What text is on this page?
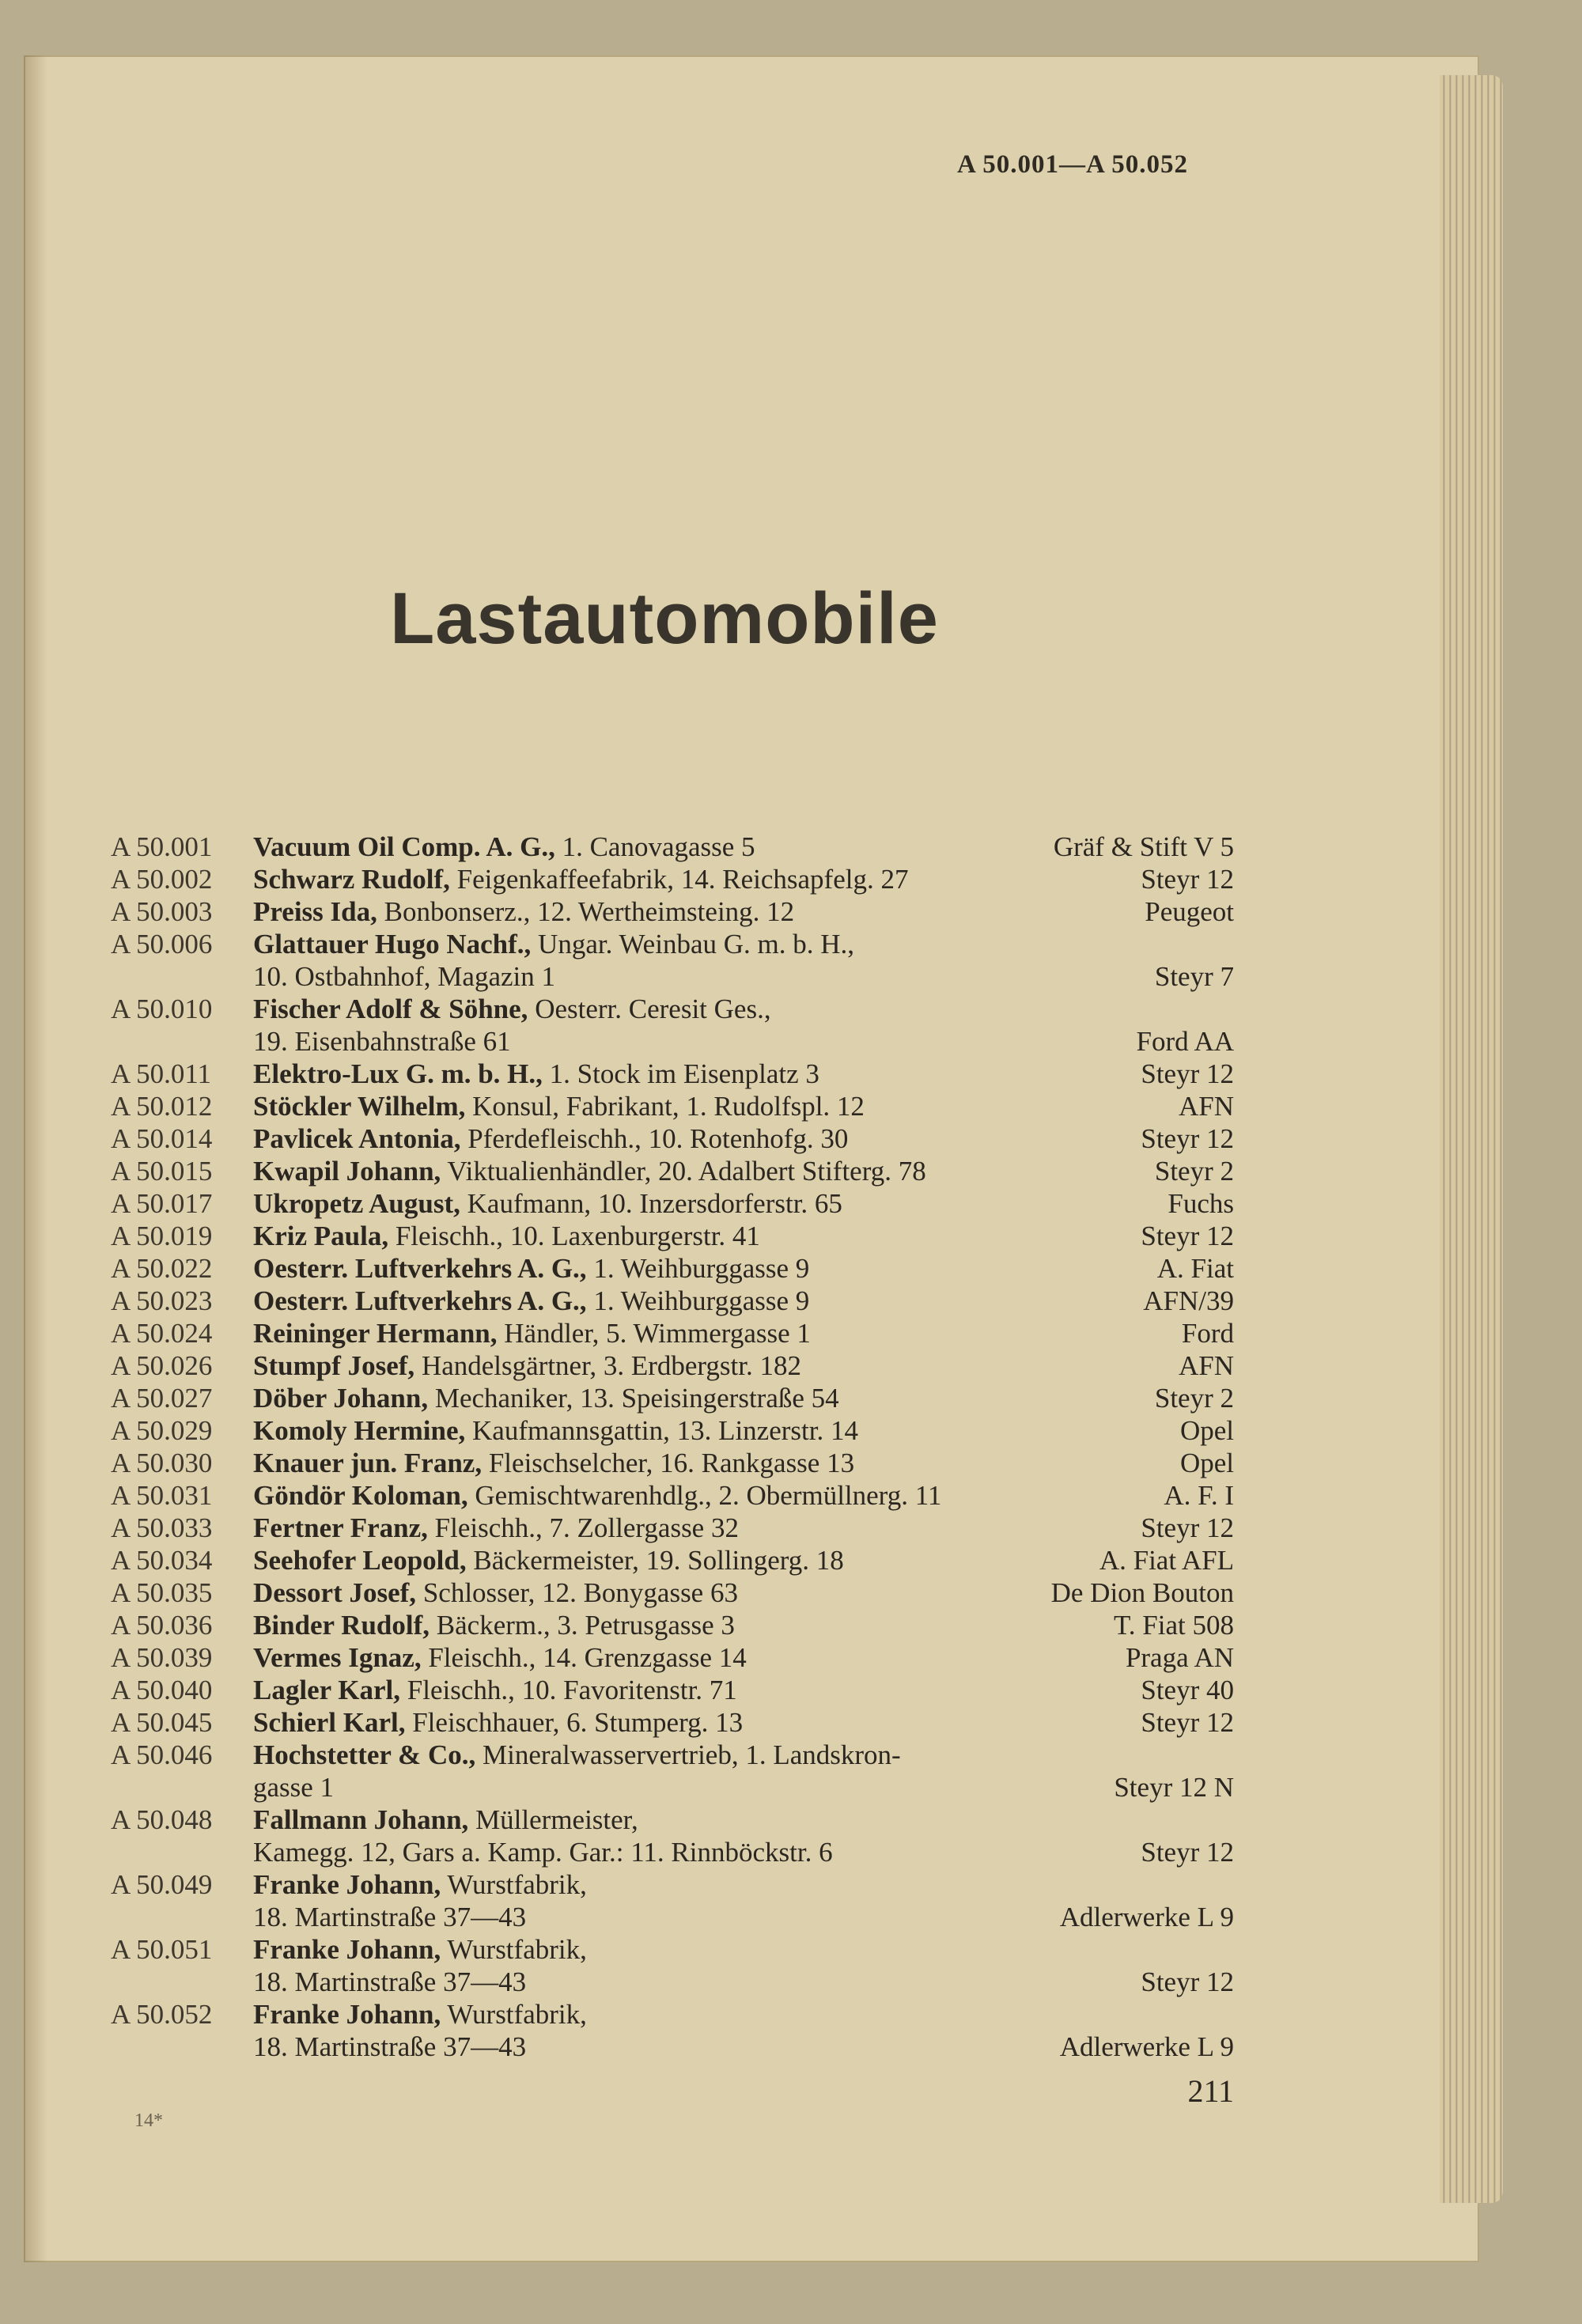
A 50.001—A 50.052
Lastautomobile
A 50.001	Vacuum Oil Comp. A. G., 1. Canovagasse 5	Gräf & Stift V 5
A 50.002	Schwarz Rudolf, Feigenkaffeefabrik, 14. Reichsapfelg. 27	Steyr 12
A 50.003	Preiss Ida, Bonbonserz., 12. Wertheimsteing. 12	Peugeot
A 50.006	Glattauer Hugo Nachf., Ungar. Weinbau G. m. b. H.,
10. Ostbahnhof, Magazin 1	Steyr 7
A 50.010	Fischer Adolf & Söhne, Oesterr. Ceresit Ges.,
19. Eisenbahnstraße 61	Ford AA
A 50.011	Elektro-Lux G. m. b. H., 1. Stock im Eisenplatz 3	Steyr 12
A 50.012	Stöckler Wilhelm, Konsul, Fabrikant, 1. Rudolfspl. 12	AFN
A 50.014	Pavlicek Antonia, Pferdefleischh., 10. Rotenhofg. 30	Steyr 12
A 50.015	Kwapil Johann, Viktualienhändler, 20. Adalbert Stifterg. 78	Steyr 2
A 50.017	Ukropetz August, Kaufmann, 10. Inzersdorferstr. 65	Fuchs
A 50.019	Kriz Paula, Fleischh., 10. Laxenburgerstr. 41	Steyr 12
A 50.022	Oesterr. Luftverkehrs A. G., 1. Weihburggasse 9	A. Fiat
A 50.023	Oesterr. Luftverkehrs A. G., 1. Weihburggasse 9	AFN/39
A 50.024	Reininger Hermann, Händler, 5. Wimmergasse 1	Ford
A 50.026	Stumpf Josef, Handelsgärtner, 3. Erdbergstr. 182	AFN
A 50.027	Döber Johann, Mechaniker, 13. Speisingerstraße 54	Steyr 2
A 50.029	Komoly Hermine, Kaufmannsgattin, 13. Linzerstr. 14	Opel
A 50.030	Knauer jun. Franz, Fleischselcher, 16. Rankgasse 13	Opel
A 50.031	Göndör Koloman, Gemischtwarenhdlg., 2. Obermüllnerg. 11	A. F. I
A 50.033	Fertner Franz, Fleischh., 7. Zollergasse 32	Steyr 12
A 50.034	Seehofer Leopold, Bäckermeister, 19. Sollingerg. 18	A. Fiat AFL
A 50.035	Dessort Josef, Schlosser, 12. Bonygasse 63	De Dion Bouton
A 50.036	Binder Rudolf, Bäckerm., 3. Petrusgasse 3	T. Fiat 508
A 50.039	Vermes Ignaz, Fleischh., 14. Grenzgasse 14	Praga AN
A 50.040	Lagler Karl, Fleischh., 10. Favoritenstr. 71	Steyr 40
A 50.045	Schierl Karl, Fleischhauer, 6. Stumperg. 13	Steyr 12
A 50.046	Hochstetter & Co., Mineralwasservertrieb, 1. Landskron-
gasse 1	Steyr 12 N
A 50.048	Fallmann Johann, Müllermeister,
Kamegg. 12, Gars a. Kamp. Gar.: 11. Rinnböckstr. 6	Steyr 12
A 50.049	Franke Johann, Wurstfabrik,
18. Martinstraße 37—43	Adlerwerke L 9
A 50.051	Franke Johann, Wurstfabrik,
18. Martinstraße 37—43	Steyr 12
A 50.052	Franke Johann, Wurstfabrik,
18. Martinstraße 37—43	Adlerwerke L 9
14*
211
